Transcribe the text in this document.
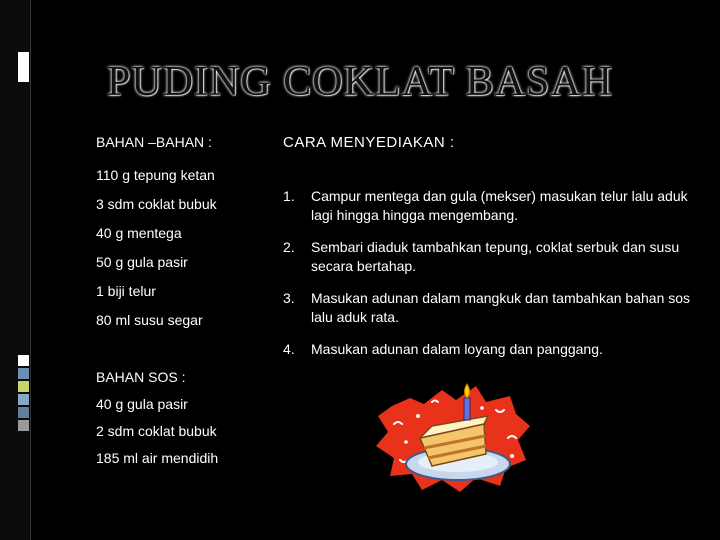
PUDING COKLAT BASAH
BAHAN –BAHAN :
110 g tepung ketan
3 sdm coklat bubuk
40 g mentega
50 g gula pasir
1 biji telur
80 ml susu segar
BAHAN SOS :
40 g gula pasir
2 sdm coklat bubuk
185 ml air mendidih
CARA MENYEDIAKAN :
1.	Campur mentega dan gula (mekser) masukan telur lalu aduk lagi hingga hingga mengembang.
2.	Sembari diaduk tambahkan tepung, coklat serbuk dan susu secara bertahap.
3.	Masukan adunan dalam mangkuk dan tambahkan bahan sos lalu aduk rata.
4.	Masukan adunan dalam loyang dan panggang.
